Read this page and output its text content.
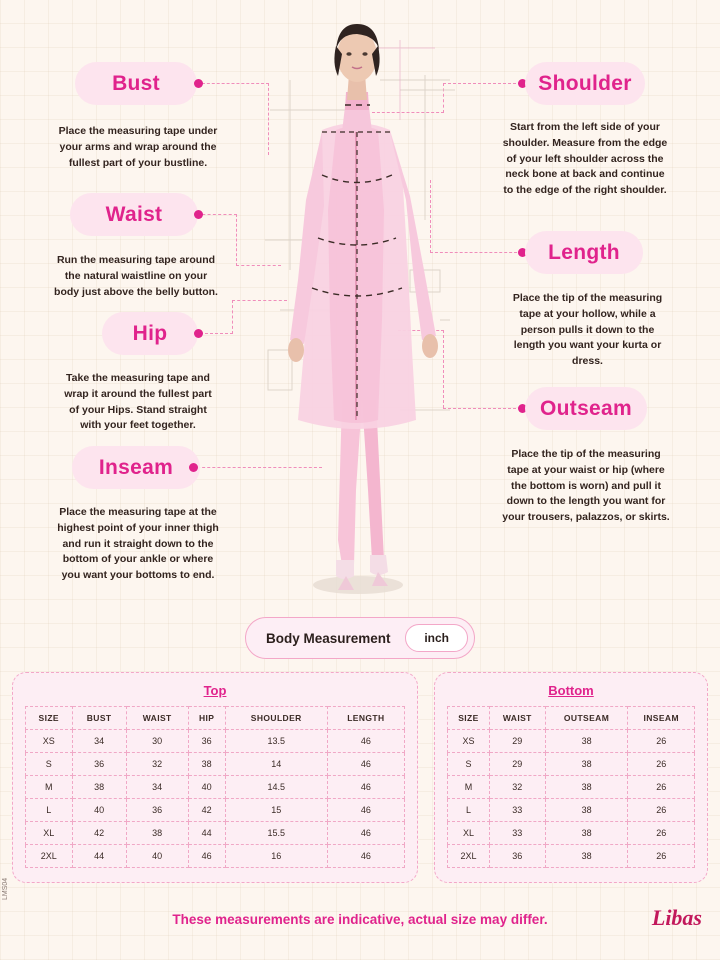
Bust
Place the measuring tape under your arms and wrap around the fullest part of your bustline.
Waist
Run the measuring tape around the natural waistline on your body just above the belly button.
Hip
Take the measuring tape and wrap it around the fullest part of your Hips. Stand straight with your feet together.
Inseam
Place the measuring tape at the highest point of your inner thigh and run it straight down to the bottom of your ankle or where you want your bottoms to end.
Shoulder
Start from the left side of your shoulder. Measure from the edge of your left shoulder across the neck bone at back and continue to the edge of the right shoulder.
Length
Place the tip of the measuring tape at your hollow, while a person pulls it down to the length you want your kurta or dress.
Outseam
Place the tip of the measuring tape at your waist or hip (where the bottom is worn) and pull it down to the length you want for your trousers, palazzos, or skirts.
Body Measurement	inch
Top
SIZE	BUST	WAIST	HIP	SHOULDER	LENGTH
XS	34	30	36	13.5	46
S	36	32	38	14	46
M	38	34	40	14.5	46
L	40	36	42	15	46
XL	42	38	44	15.5	46
2XL	44	40	46	16	46
Bottom
SIZE	WAIST	OUTSEAM	INSEAM
XS	29	38	26
S	29	38	26
M	32	38	26
L	33	38	26
XL	33	38	26
2XL	36	38	26
These measurements are indicative, actual size may differ.	Libas
LMS04
